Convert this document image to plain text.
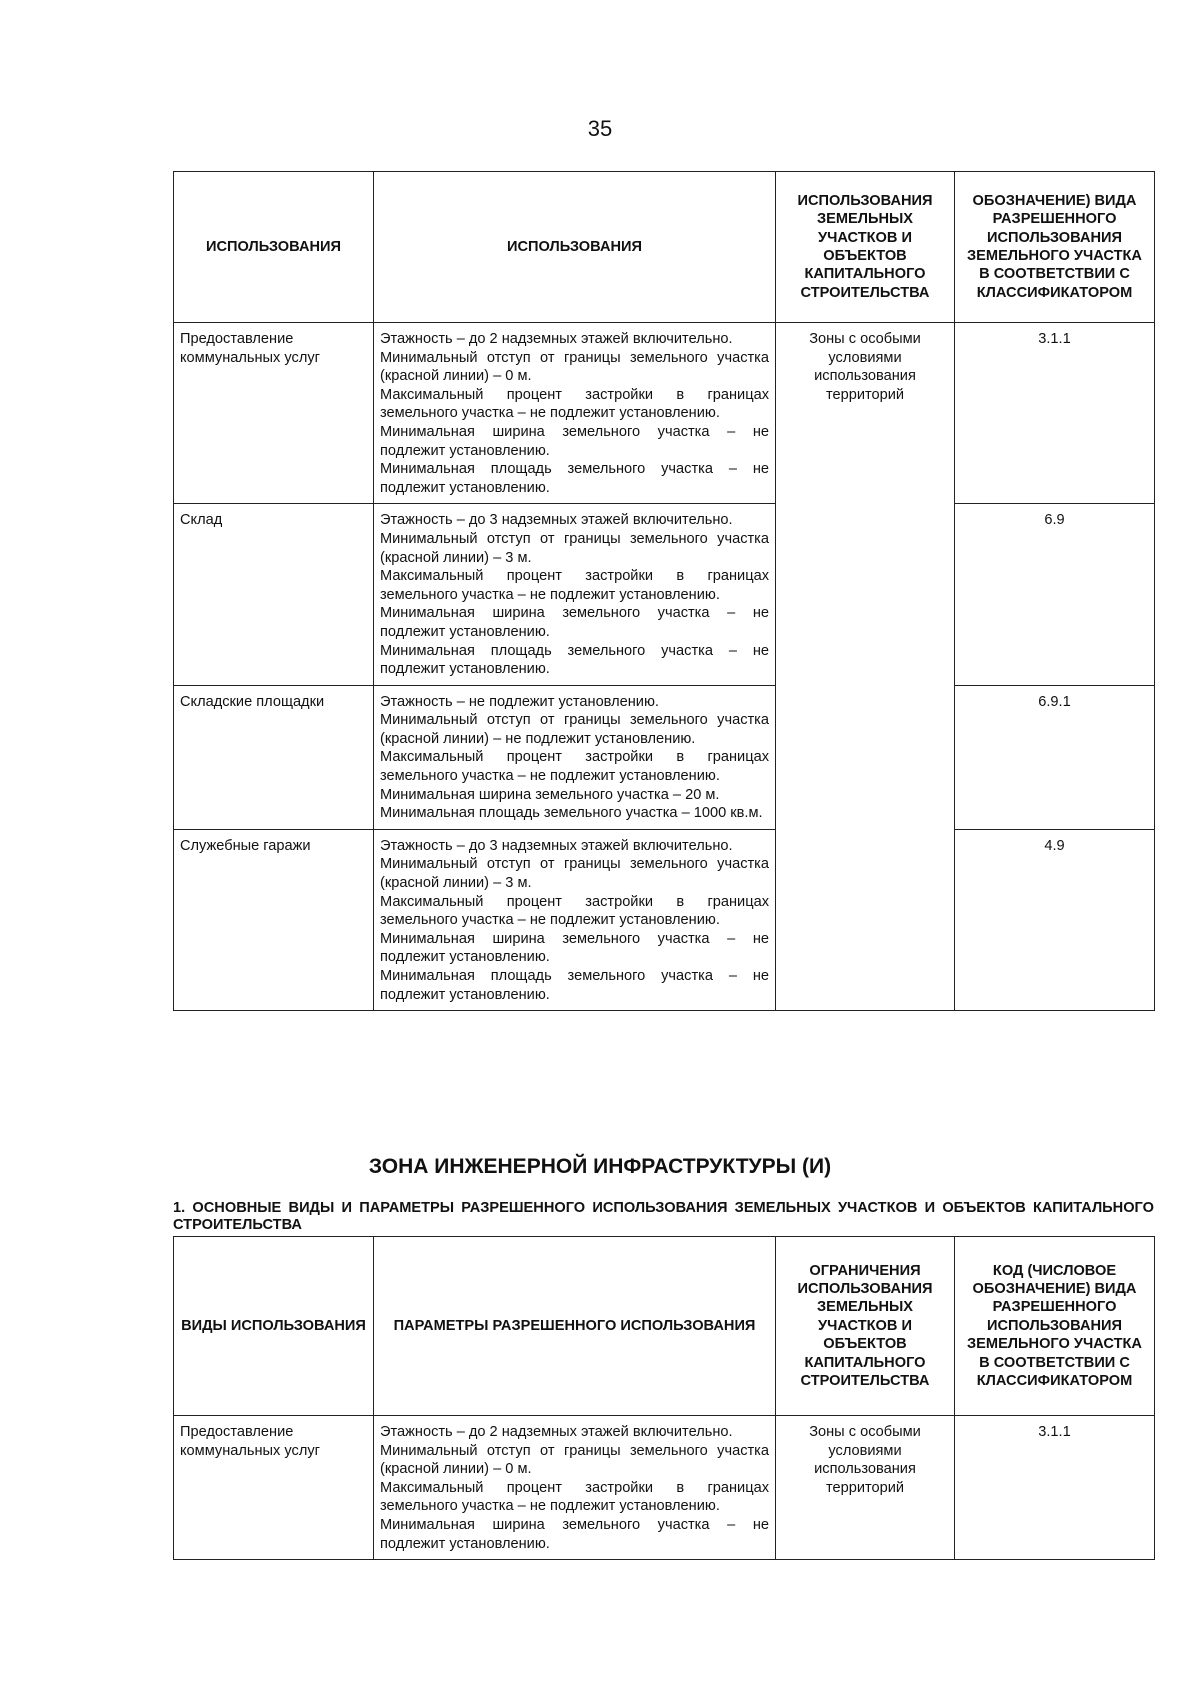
35
ИСПОЛЬЗОВАНИЯ	ИСПОЛЬЗОВАНИЯ	ИСПОЛЬЗОВАНИЯ ЗЕМЕЛЬНЫХ УЧАСТКОВ И ОБЪЕКТОВ КАПИТАЛЬНОГО СТРОИТЕЛЬСТВА	ОБОЗНАЧЕНИЕ) ВИДА РАЗРЕШЕННОГО ИСПОЛЬЗОВАНИЯ ЗЕМЕЛЬНОГО УЧАСТКА В СООТВЕТСТВИИ С КЛАССИФИКАТОРОМ
Предоставление коммунальных услуг	Этажность – до 2 надземных этажей включительно.
Минимальный отступ от границы земельного участка (красной линии) – 0 м.
Максимальный процент застройки в границах земельного участка – не подлежит установлению.
Минимальная ширина земельного участка – не подлежит установлению.
Минимальная площадь земельного участка – не подлежит установлению.	Зоны с особыми условиями использования территорий	3.1.1
Склад	Этажность – до 3 надземных этажей включительно.
Минимальный отступ от границы земельного участка (красной линии) – 3 м.
Максимальный процент застройки в границах земельного участка – не подлежит установлению.
Минимальная ширина земельного участка – не подлежит установлению.
Минимальная площадь земельного участка – не подлежит установлению.		6.9
Складские площадки	Этажность – не подлежит установлению.
Минимальный отступ от границы земельного участка (красной линии) – не подлежит установлению.
Максимальный процент застройки в границах земельного участка – не подлежит установлению.
Минимальная ширина земельного участка – 20 м.
Минимальная площадь земельного участка – 1000 кв.м.		6.9.1
Служебные гаражи	Этажность – до 3 надземных этажей включительно.
Минимальный отступ от границы земельного участка (красной линии) – 3 м.
Максимальный процент застройки в границах земельного участка – не подлежит установлению.
Минимальная ширина земельного участка – не подлежит установлению.
Минимальная площадь земельного участка – не подлежит установлению.		4.9
ЗОНА ИНЖЕНЕРНОЙ ИНФРАСТРУКТУРЫ (И)
1. ОСНОВНЫЕ ВИДЫ И ПАРАМЕТРЫ РАЗРЕШЕННОГО ИСПОЛЬЗОВАНИЯ ЗЕМЕЛЬНЫХ УЧАСТКОВ И ОБЪЕКТОВ КАПИТАЛЬНОГО СТРОИТЕЛЬСТВА
ВИДЫ ИСПОЛЬЗОВАНИЯ	ПАРАМЕТРЫ РАЗРЕШЕННОГО ИСПОЛЬЗОВАНИЯ	ОГРАНИЧЕНИЯ ИСПОЛЬЗОВАНИЯ ЗЕМЕЛЬНЫХ УЧАСТКОВ И ОБЪЕКТОВ КАПИТАЛЬНОГО СТРОИТЕЛЬСТВА	КОД (ЧИСЛОВОЕ ОБОЗНАЧЕНИЕ) ВИДА РАЗРЕШЕННОГО ИСПОЛЬЗОВАНИЯ ЗЕМЕЛЬНОГО УЧАСТКА В СООТВЕТСТВИИ С КЛАССИФИКАТОРОМ
Предоставление коммунальных услуг	Этажность – до 2 надземных этажей включительно.
Минимальный отступ от границы земельного участка (красной линии) – 0 м.
Максимальный процент застройки в границах земельного участка – не подлежит установлению.
Минимальная ширина земельного участка – не подлежит установлению.	Зоны с особыми условиями использования территорий	3.1.1
